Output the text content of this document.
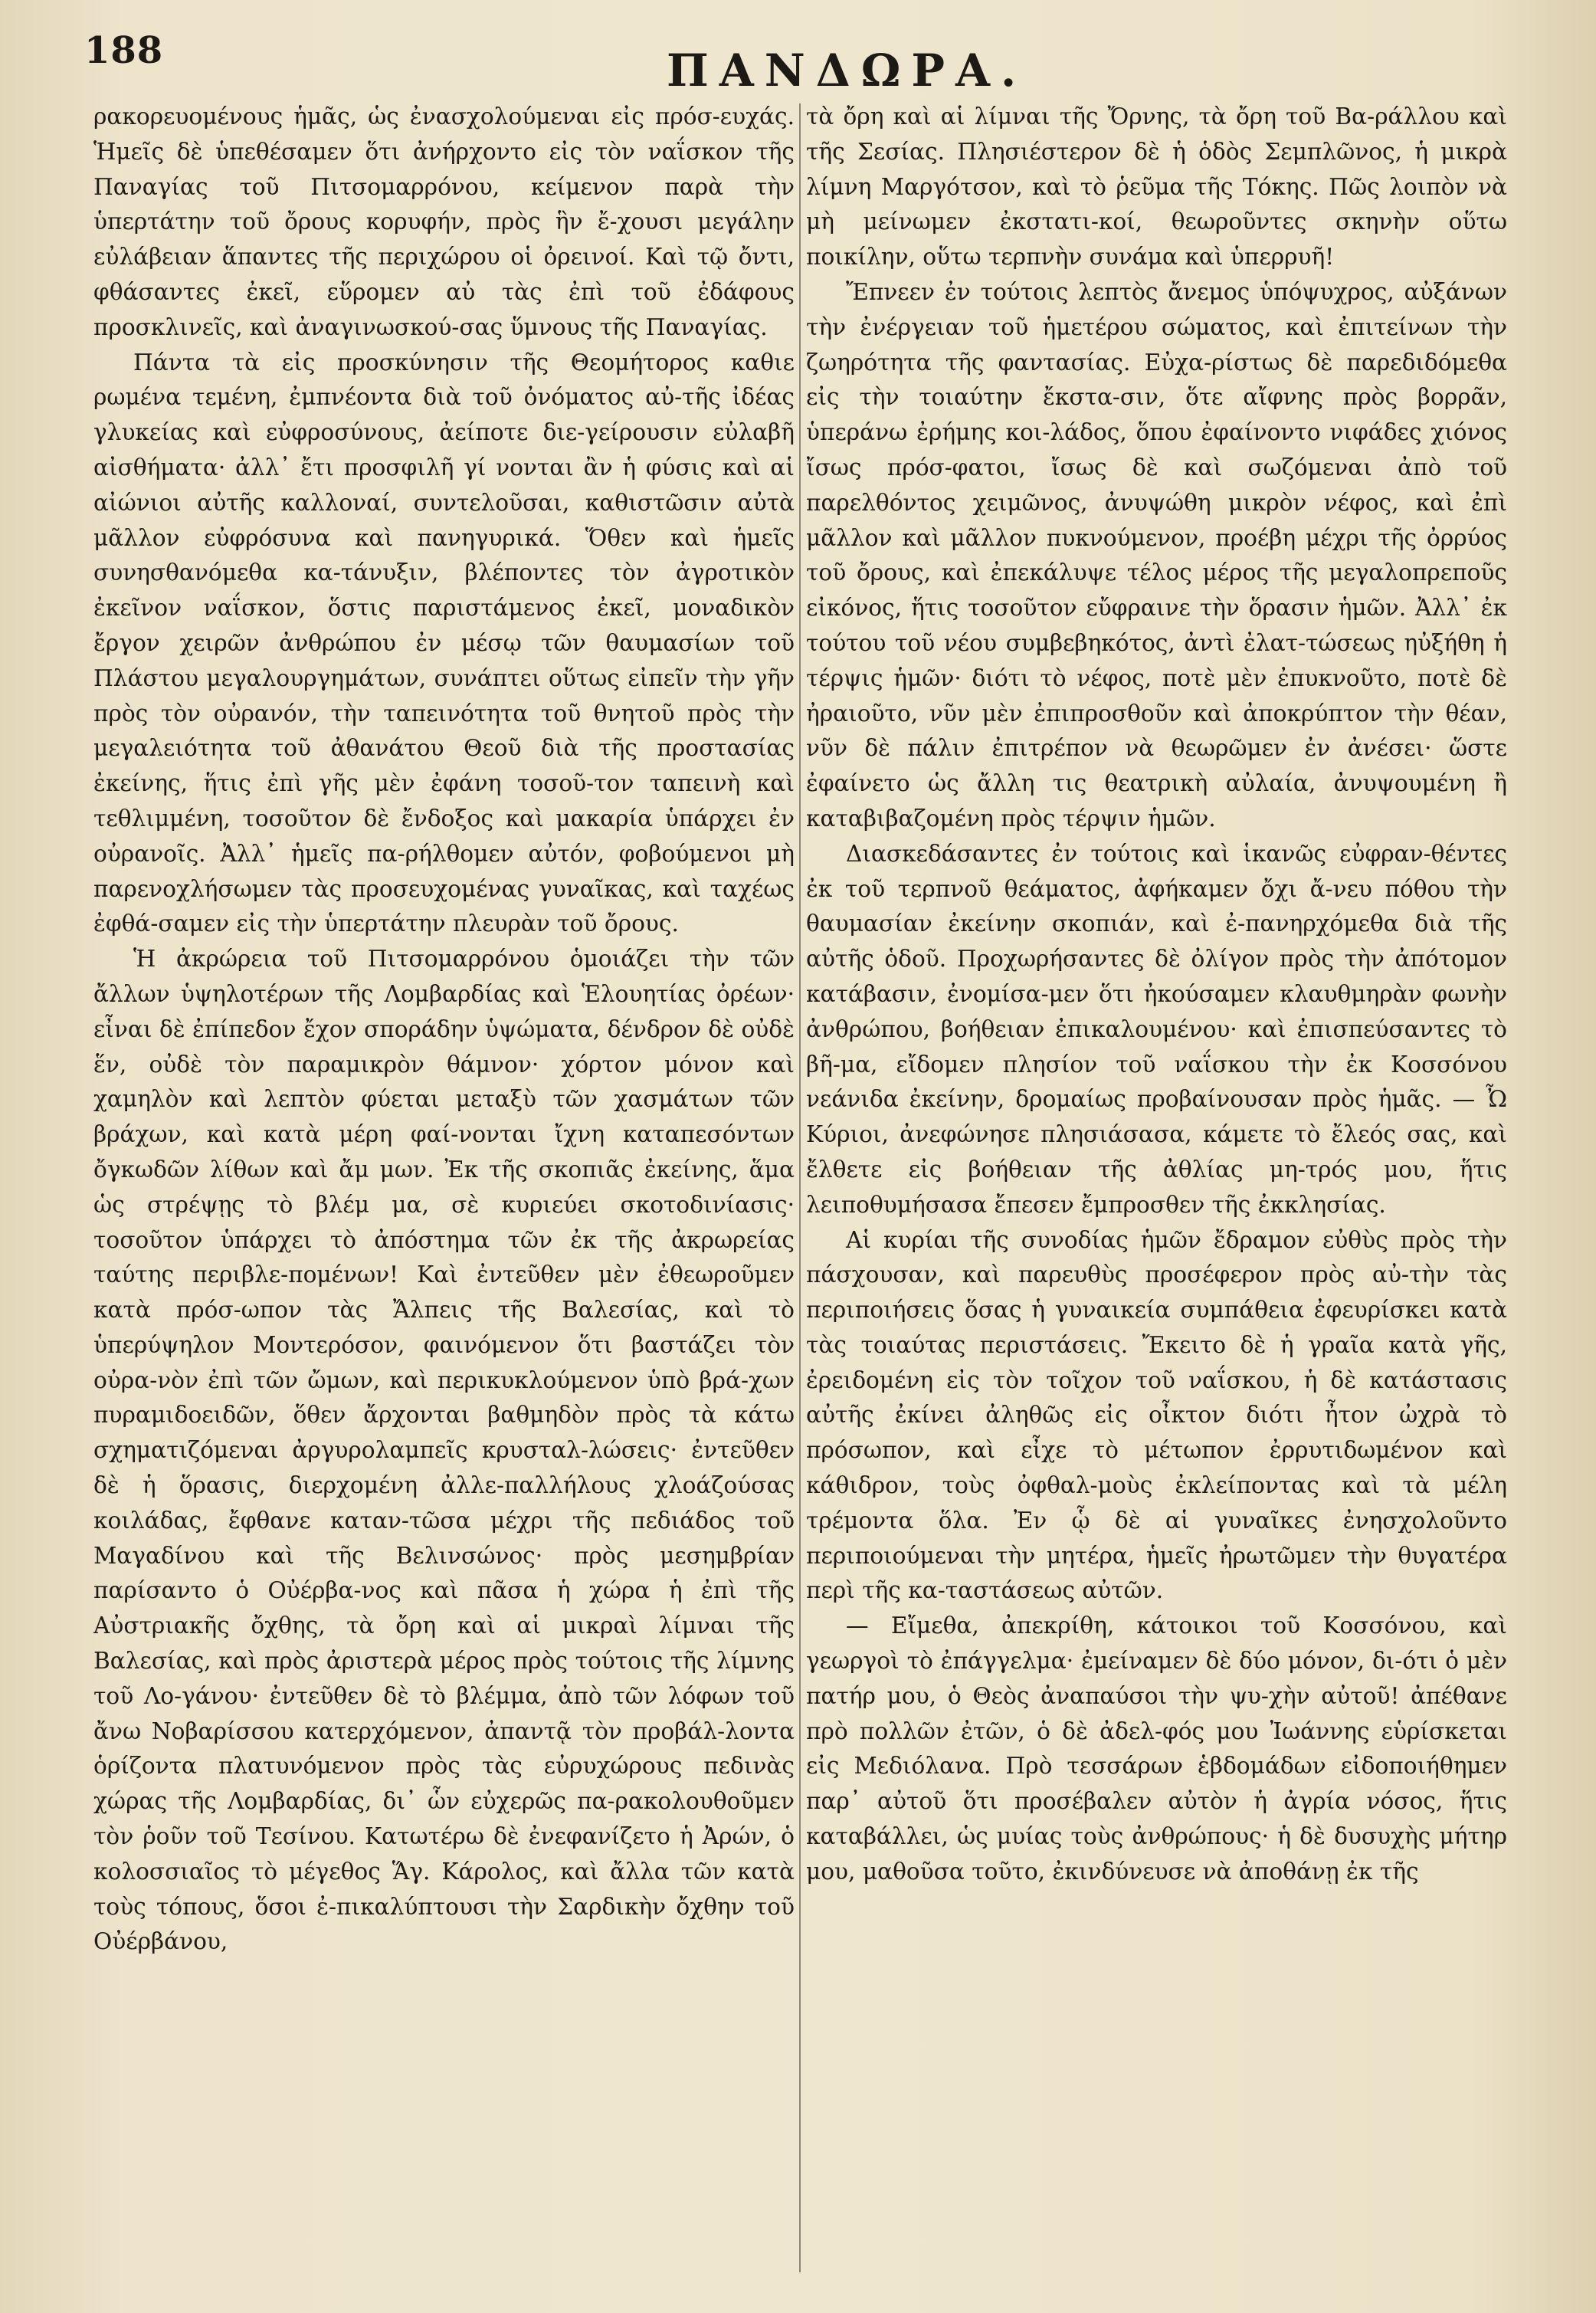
188	ΠΑΝΔΩΡΑ.

ρακορευομένους ἡμᾶς, ὡς ἐνασχολούμεναι εἰς πρόσ-ευχάς. Ἡμεῖς δὲ ὑπεθέσαμεν ὅτι ἀνήρχοντο εἰς τὸν ναΐσκον τῆς Παναγίας τοῦ Πιτσομαρρόνου, κείμενον παρὰ τὴν ὑπερτάτην τοῦ ὄρους κορυφήν, πρὸς ἣν ἔ-χουσι μεγάλην εὐλάβειαν ἅπαντες τῆς περιχώρου οἱ ὀρεινοί. Καὶ τῷ ὄντι, φθάσαντες ἐκεῖ, εὕρομεν αὐ τὰς ἐπὶ τοῦ ἐδάφους προσκλινεῖς, καὶ ἀναγινωσκού-σας ὕμνους τῆς Παναγίας.

Πάντα τὰ εἰς προσκύνησιν τῆς Θεομήτορος καθιε ρωμένα τεμένη, ἐμπνέοντα διὰ τοῦ ὀνόματος αὐ-τῆς ἰδέας γλυκείας καὶ εὐφροσύνους, ἀείποτε διε-γείρουσιν εὐλαβῆ αἰσθήματα· ἀλλ᾽ ἔτι προσφιλῆ γί νονται ἂν ἡ φύσις καὶ αἱ αἰώνιοι αὐτῆς καλλοναί, συντελοῦσαι, καθιστῶσιν αὐτὰ μᾶλλον εὐφρόσυνα καὶ πανηγυρικά. Ὅθεν καὶ ἡμεῖς συνησθανόμεθα κα-τάνυξιν, βλέποντες τὸν ἀγροτικὸν ἐκεῖνον ναΐσκον, ὅστις παριστάμενος ἐκεῖ, μοναδικὸν ἔργον χειρῶν ἀνθρώπου ἐν μέσῳ τῶν θαυμασίων τοῦ Πλάστου μεγαλουργημάτων, συνάπτει οὕτως εἰπεῖν τὴν γῆν πρὸς τὸν οὐρανόν, τὴν ταπεινότητα τοῦ θνητοῦ πρὸς τὴν μεγαλειότητα τοῦ ἀθανάτου Θεοῦ διὰ τῆς προστασίας ἐκείνης, ἥτις ἐπὶ γῆς μὲν ἐφάνη τοσοῦ-τον ταπεινὴ καὶ τεθλιμμένη, τοσοῦτον δὲ ἔνδοξος καὶ μακαρία ὑπάρχει ἐν οὐρανοῖς. Ἀλλ᾽ ἡμεῖς πα-ρήλθομεν αὐτόν, φοβούμενοι μὴ παρενοχλήσωμεν τὰς προσευχομένας γυναῖκας, καὶ ταχέως ἐφθά-σαμεν εἰς τὴν ὑπερτάτην πλευρὰν τοῦ ὄρους.

Ἡ ἀκρώρεια τοῦ Πιτσομαρρόνου ὁμοιάζει τὴν τῶν ἄλλων ὑψηλοτέρων τῆς Λομβαρδίας καὶ Ἑλουητίας ὀρέων· εἶναι δὲ ἐπίπεδον ἔχον σποράδην ὑψώματα, δένδρον δὲ οὐδὲ ἕν, οὐδὲ τὸν παραμικρὸν θάμνον· χόρτον μόνον καὶ χαμηλὸν καὶ λεπτὸν φύεται μεταξὺ τῶν χασμάτων τῶν βράχων, καὶ κατὰ μέρη φαί-νονται ἴχνη καταπεσόντων ὄγκωδῶν λίθων καὶ ἄμ μων. Ἐκ τῆς σκοπιᾶς ἐκείνης, ἅμα ὡς στρέψῃς τὸ βλέμ μα, σὲ κυριεύει σκοτοδινίασις· τοσοῦτον ὑπάρχει τὸ ἀπόστημα τῶν ἐκ τῆς ἀκρωρείας ταύτης περιβλε-πομένων! Καὶ ἐντεῦθεν μὲν ἐθεωροῦμεν κατὰ πρόσ-ωπον τὰς Ἄλπεις τῆς Βαλεσίας, καὶ τὸ ὑπερύψηλον Μοντερόσον, φαινόμενον ὅτι βαστάζει τὸν οὐρα-νὸν ἐπὶ τῶν ὤμων, καὶ περικυκλούμενον ὑπὸ βρά-χων πυραμιδοειδῶν, ὅθεν ἄρχονται βαθμηδὸν πρὸς τὰ κάτω σχηματιζόμεναι ἀργυρολαμπεῖς κρυσταλ-λώσεις· ἐντεῦθεν δὲ ἡ ὅρασις, διερχομένη ἀλλε-παλλήλους χλοάζούσας κοιλάδας, ἔφθανε καταν-τῶσα μέχρι τῆς πεδιάδος τοῦ Μαγαδίνου καὶ τῆς Βελινσώνος· πρὸς μεσημβρίαν παρίσαντο ὁ Οὐέρβα-νος καὶ πᾶσα ἡ χώρα ἡ ἐπὶ τῆς Αὐστριακῆς ὄχθης, τὰ ὄρη καὶ αἱ μικραὶ λίμναι τῆς Βαλεσίας, καὶ πρὸς ἀριστερὰ μέρος πρὸς τούτοις τῆς λίμνης τοῦ Λο-γάνου· ἐντεῦθεν δὲ τὸ βλέμμα, ἀπὸ τῶν λόφων τοῦ ἄνω Νοβαρίσσου κατερχόμενον, ἀπαντᾷ τὸν προβάλ-λοντα ὁρίζοντα πλατυνόμενον πρὸς τὰς εὐρυχώρους πεδινὰς χώρας τῆς Λομβαρδίας, δι᾽ ὧν εὐχερῶς πα-ρακολουθοῦμεν τὸν ῥοῦν τοῦ Τεσίνου. Κατωτέρω δὲ ἐνεφανίζετο ἡ Ἀρών, ὁ κολοσσιαῖος τὸ μέγεθος Ἅγ. Κάρολος, καὶ ἄλλα τῶν κατὰ τοὺς τόπους, ὅσοι ἐ-πικαλύπτουσι τὴν Σαρδικὴν ὄχθην τοῦ Οὐέρβάνου,

τὰ ὄρη καὶ αἱ λίμναι τῆς Ὄρνης, τὰ ὄρη τοῦ Βα-ράλλου καὶ τῆς Σεσίας. Πλησιέστερον δὲ ἡ ὁδὸς Σεμπλῶνος, ἡ μικρὰ λίμνη Μαργότσον, καὶ τὸ ῥεῦμα τῆς Τόκης. Πῶς λοιπὸν νὰ μὴ μείνωμεν ἐκστατι-κοί, θεωροῦντες σκηνὴν οὕτω ποικίλην, οὕτω τερπνὴν συνάμα καὶ ὑπερρυῆ!

Ἔπνεεν ἐν τούτοις λεπτὸς ἄνεμος ὑπόψυχρος, αὐξάνων τὴν ἐνέργειαν τοῦ ἡμετέρου σώματος, καὶ ἐπιτείνων τὴν ζωηρότητα τῆς φαντασίας. Εὐχα-ρίστως δὲ παρεδιδόμεθα εἰς τὴν τοιαύτην ἔκστα-σιν, ὅτε αἴφνης πρὸς βορρᾶν, ὑπεράνω ἐρήμης κοι-λάδος, ὅπου ἐφαίνοντο νιφάδες χιόνος ἴσως πρόσ-φατοι, ἴσως δὲ καὶ σωζόμεναι ἀπὸ τοῦ παρελθόντος χειμῶνος, ἀνυψώθη μικρὸν νέφος, καὶ ἐπὶ μᾶλλον καὶ μᾶλλον πυκνούμενον, προέβη μέχρι τῆς ὀρρύος τοῦ ὄρους, καὶ ἐπεκάλυψε τέλος μέρος τῆς μεγαλοπρεποῦς εἰκόνος, ἥτις τοσοῦτον εὔφραινε τὴν ὅρασιν ἡμῶν. Ἀλλ᾽ ἐκ τούτου τοῦ νέου συμβεβηκότος, ἀντὶ ἐλατ-τώσεως ηὐξήθη ἡ τέρψις ἡμῶν· διότι τὸ νέφος, ποτὲ μὲν ἐπυκνοῦτο, ποτὲ δὲ ἠραιοῦτο, νῦν μὲν ἐπιπροσθοῦν καὶ ἀποκρύπτον τὴν θέαν, νῦν δὲ πάλιν ἐπιτρέπον νὰ θεωρῶμεν ἐν ἀνέσει· ὥστε ἐφαίνετο ὡς ἄλλη τις θεατρικὴ αὐλαία, ἀνυψουμένη ἢ καταβιβαζομένη πρὸς τέρψιν ἡμῶν.

Διασκεδάσαντες ἐν τούτοις καὶ ἱκανῶς εὐφραν-θέντες ἐκ τοῦ τερπνοῦ θεάματος, ἀφήκαμεν ὄχι ἄ-νευ πόθου τὴν θαυμασίαν ἐκείνην σκοπιάν, καὶ ἐ-πανηρχόμεθα διὰ τῆς αὐτῆς ὁδοῦ. Προχωρήσαντες δὲ ὀλίγον πρὸς τὴν ἀπότομον κατάβασιν, ἐνομίσα-μεν ὅτι ἠκούσαμεν κλαυθμηρὰν φωνὴν ἀνθρώπου, βοήθειαν ἐπικαλουμένου· καὶ ἐπισπεύσαντες τὸ βῆ-μα, εἴδομεν πλησίον τοῦ ναΐσκου τὴν ἐκ Κοσσόνου νεάνιδα ἐκείνην, δρομαίως προβαίνουσαν πρὸς ἡμᾶς. — Ὦ Κύριοι, ἀνεφώνησε πλησιάσασα, κάμετε τὸ ἔλεός σας, καὶ ἔλθετε εἰς βοήθειαν τῆς ἀθλίας μη-τρός μου, ἥτις λειποθυμήσασα ἔπεσεν ἔμπροσθεν τῆς ἐκκλησίας.

Αἱ κυρίαι τῆς συνοδίας ἡμῶν ἔδραμον εὐθὺς πρὸς τὴν πάσχουσαν, καὶ παρευθὺς προσέφερον πρὸς αὐ-τὴν τὰς περιποιήσεις ὅσας ἡ γυναικεία συμπάθεια ἐφευρίσκει κατὰ τὰς τοιαύτας περιστάσεις. Ἔκειτο δὲ ἡ γραῖα κατὰ γῆς, ἐρειδομένη εἰς τὸν τοῖχον τοῦ ναΐσκου, ἡ δὲ κατάστασις αὐτῆς ἐκίνει ἀληθῶς εἰς οἶκτον διότι ἦτον ὠχρὰ τὸ πρόσωπον, καὶ εἶχε τὸ μέτωπον ἐρρυτιδωμένον καὶ κάθιδρον, τοὺς ὀφθαλ-μοὺς ἐκλείποντας καὶ τὰ μέλη τρέμοντα ὅλα. Ἐν ᾧ δὲ αἱ γυναῖκες ἐνησχολοῦντο περιποιούμεναι τὴν μητέρα, ἡμεῖς ἠρωτῶμεν τὴν θυγατέρα περὶ τῆς κα-ταστάσεως αὐτῶν.

— Εἴμεθα, ἀπεκρίθη, κάτοικοι τοῦ Κοσσόνου, καὶ γεωργοὶ τὸ ἐπάγγελμα· ἐμείναμεν δὲ δύο μόνον, δι-ότι ὁ μὲν πατήρ μου, ὁ Θεὸς ἀναπαύσοι τὴν ψυ-χὴν αὐτοῦ! ἀπέθανε πρὸ πολλῶν ἐτῶν, ὁ δὲ ἀδελ-φός μου Ἰωάννης εὑρίσκεται εἰς Μεδιόλανα. Πρὸ τεσσάρων ἑβδομάδων εἰδοποιήθημεν παρ᾽ αὐτοῦ ὅτι προσέβαλεν αὐτὸν ἡ ἀγρία νόσος, ἥτις καταβάλλει, ὡς μυίας τοὺς ἀνθρώπους· ἡ δὲ δυσυχὴς μήτηρ μου, μαθοῦσα τοῦτο, ἐκινδύνευσε νὰ ἀποθάνῃ ἐκ τῆς
